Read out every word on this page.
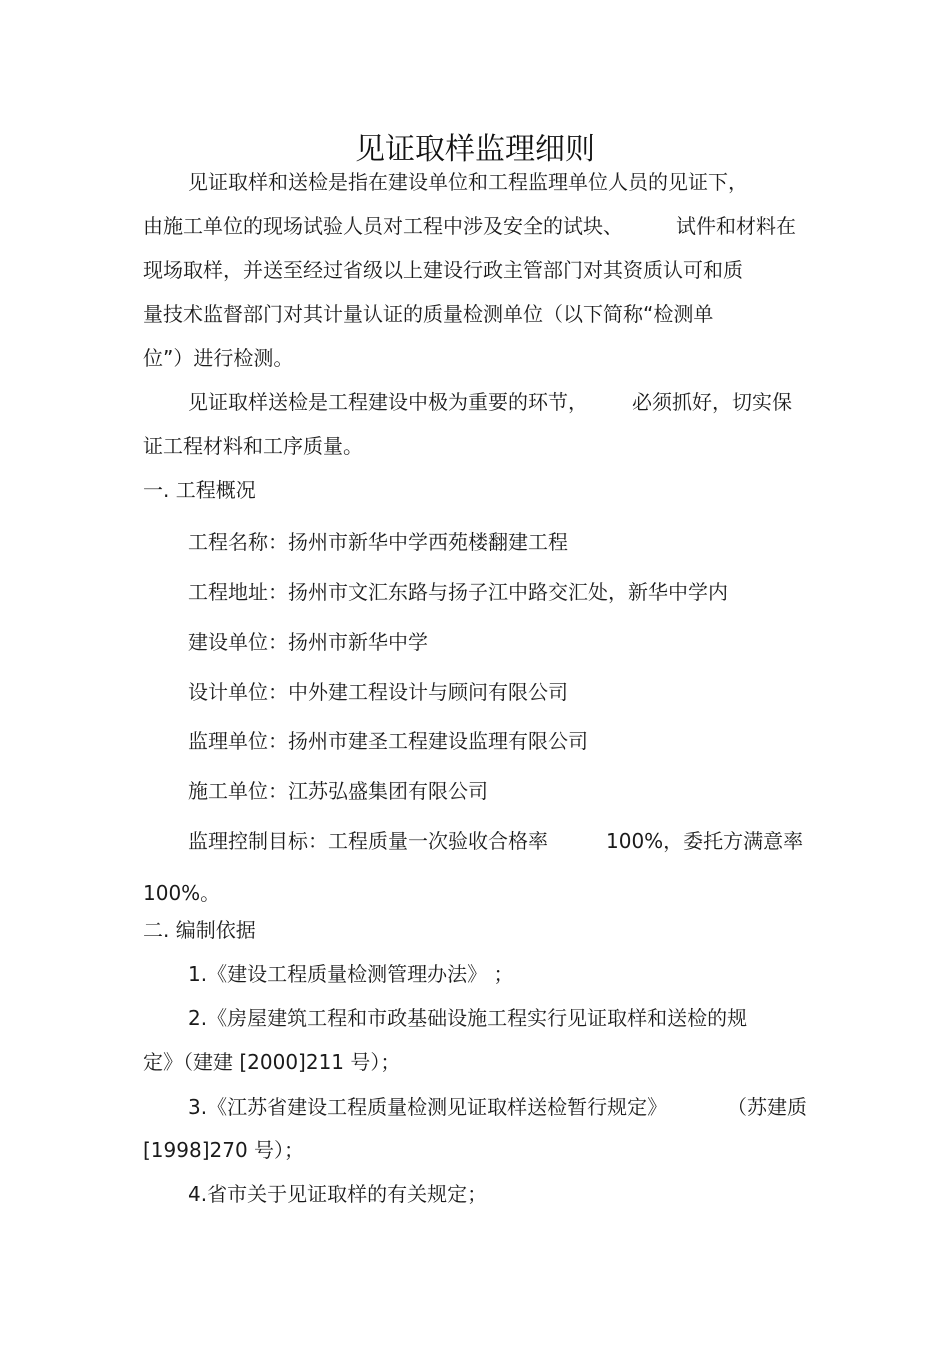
见证取样监理细则
见证取样和送检是指在建设单位和工程监理单位人员的见证下，
由施工单位的现场试验人员对工程中涉及安全的试块、	试件和材料在
现场取样，并送至经过省级以上建设行政主管部门对其资质认可和质
量技术监督部门对其计量认证的质量检测单位（以下简称“检测单
位”）进行检测。
见证取样送检是工程建设中极为重要的环节， 必须抓好，切实保
证工程材料和工序质量。
一. 工程概况
工程名称：扬州市新华中学西苑楼翻建工程
工程地址：扬州市文汇东路与扬子江中路交汇处，新华中学内
建设单位：扬州市新华中学
设计单位：中外建工程设计与顾问有限公司
监理单位：扬州市建圣工程建设监理有限公司
施工单位：江苏弘盛集团有限公司
监理控制目标：工程质量一次验收合格率	100%，委托方满意率
100%。
二. 编制依据
1.《建设工程质量检测管理办法》 ；
2.《房屋建筑工程和市政基础设施工程实行见证取样和送检的规
定》（建建 [2000]211 号）；
3.《江苏省建设工程质量检测见证取样送检暂行规定》	（苏建质
[1998]270 号）；
4.省市关于见证取样的有关规定；
